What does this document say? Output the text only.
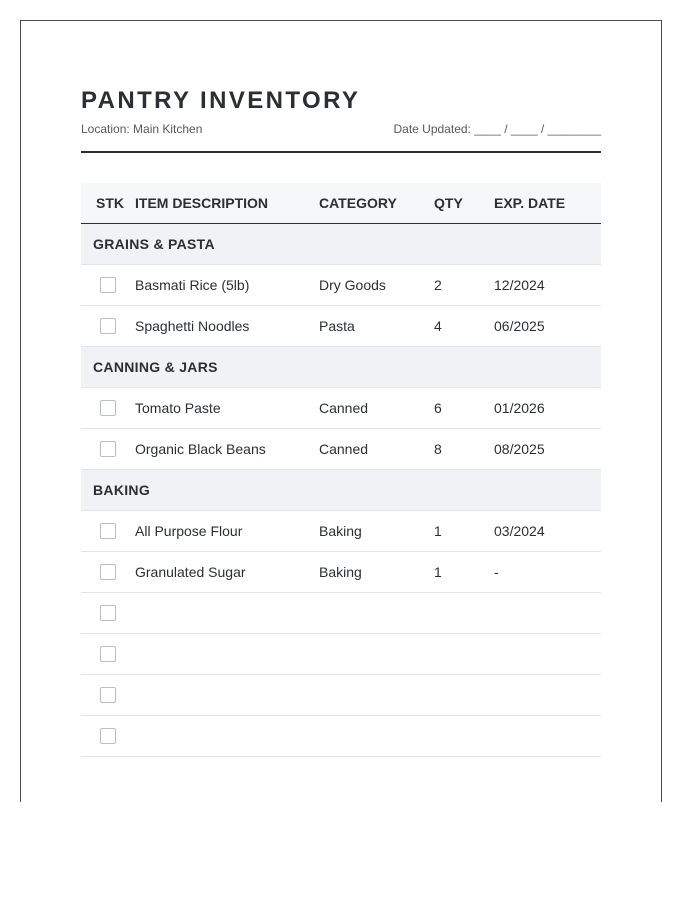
PANTRY INVENTORY
Location: Main Kitchen	Date Updated: ____ / ____ / ________
STK	ITEM DESCRIPTION	CATEGORY	QTY	EXP. DATE
GRAINS & PASTA				
	Basmati Rice (5lb)	Dry Goods	2	12/2024
	Spaghetti Noodles	Pasta	4	06/2025
CANNING & JARS				
	Tomato Paste	Canned	6	01/2026
	Organic Black Beans	Canned	8	08/2025
BAKING				
	All Purpose Flour	Baking	1	03/2024
	Granulated Sugar	Baking	1	-
